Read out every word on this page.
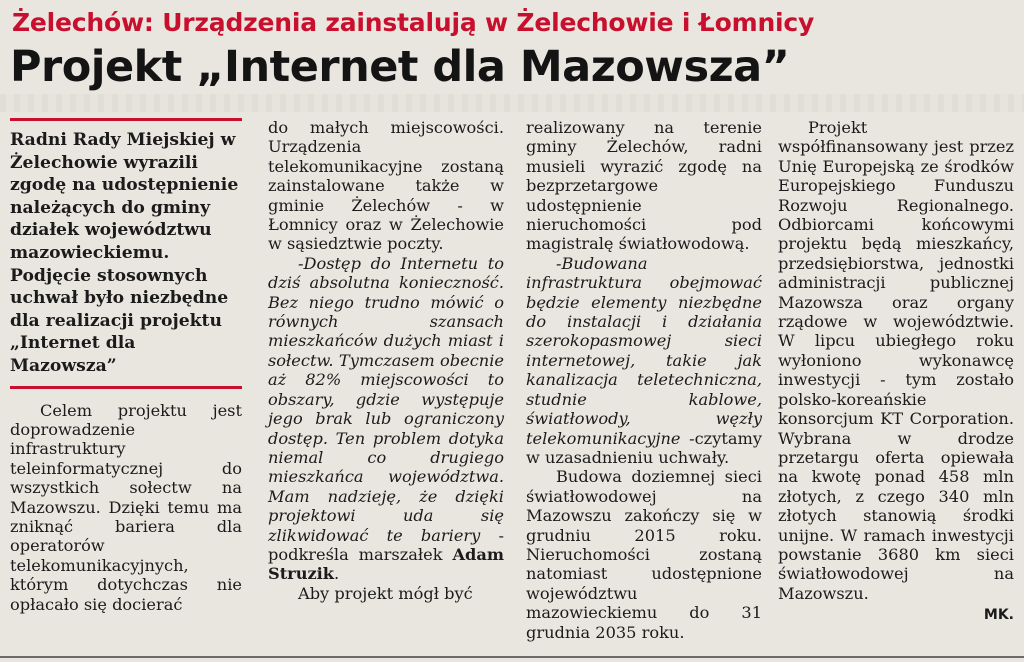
Żelechów: Urządzenia zainstalują w Żelechowie i Łomnicy
Projekt „Internet dla Mazowsza”

Radni Rady Miejskiej w Żelechowie wyrazili zgodę na udostępnienie należących do gminy działek województwu mazowieckiemu. Podjęcie stosownych uchwał było niezbędne dla realizacji projektu „Internet dla Mazowsza”

Celem projektu jest doprowadzenie infrastruktury teleinformatycznej do wszystkich sołectw na Mazowszu. Dzięki temu ma zniknąć bariera dla operatorów telekomunikacyjnych, którym dotychczas nie opłacało się docierać

do małych miejscowości. Urządzenia telekomunikacyjne zostaną zainstalowane także w gminie Żelechów - w Łomnicy oraz w Żelechowie w sąsiedztwie poczty.

-Dostęp do Internetu to dziś absolutna konieczność. Bez niego trudno mówić o równych szansach mieszkańców dużych miast i sołectw. Tymczasem obecnie aż 82% miejscowości to obszary, gdzie występuje jego brak lub ograniczony dostęp. Ten problem dotyka niemal co drugiego mieszkańca województwa. Mam nadzieję, że dzięki projektowi uda się zlikwidować te bariery -podkreśla marszałek Adam Struzik.

Aby projekt mógł być

realizowany na terenie gminy Żelechów, radni musieli wyrazić zgodę na bezprzetargowe udostępnienie nieruchomości pod magistralę światłowodową.

-Budowana infrastruktura obejmować będzie elementy niezbędne do instalacji i działania szerokopasmowej sieci internetowej, takie jak kanalizacja teletechniczna, studnie kablowe, światłowody, węzły telekomunikacyjne -czytamy w uzasadnieniu uchwały.

Budowa doziemnej sieci światłowodowej na Mazowszu zakończy się w grudniu 2015 roku. Nieruchomości zostaną natomiast udostępnione województwu mazowieckiemu do 31 grudnia 2035 roku.

Projekt współfinansowany jest przez Unię Europejską ze środków Europejskiego Funduszu Rozwoju Regionalnego. Odbiorcami końcowymi projektu będą mieszkańcy, przedsiębiorstwa, jednostki administracji publicznej Mazowsza oraz organy rządowe w województwie. W lipcu ubiegłego roku wyłoniono wykonawcę inwestycji - tym zostało polsko-koreańskie konsorcjum KT Corporation. Wybrana w drodze przetargu oferta opiewała na kwotę ponad 458 mln złotych, z czego 340 mln złotych stanowią środki unijne. W ramach inwestycji powstanie 3680 km sieci światłowodowej na Mazowszu.

MK.
